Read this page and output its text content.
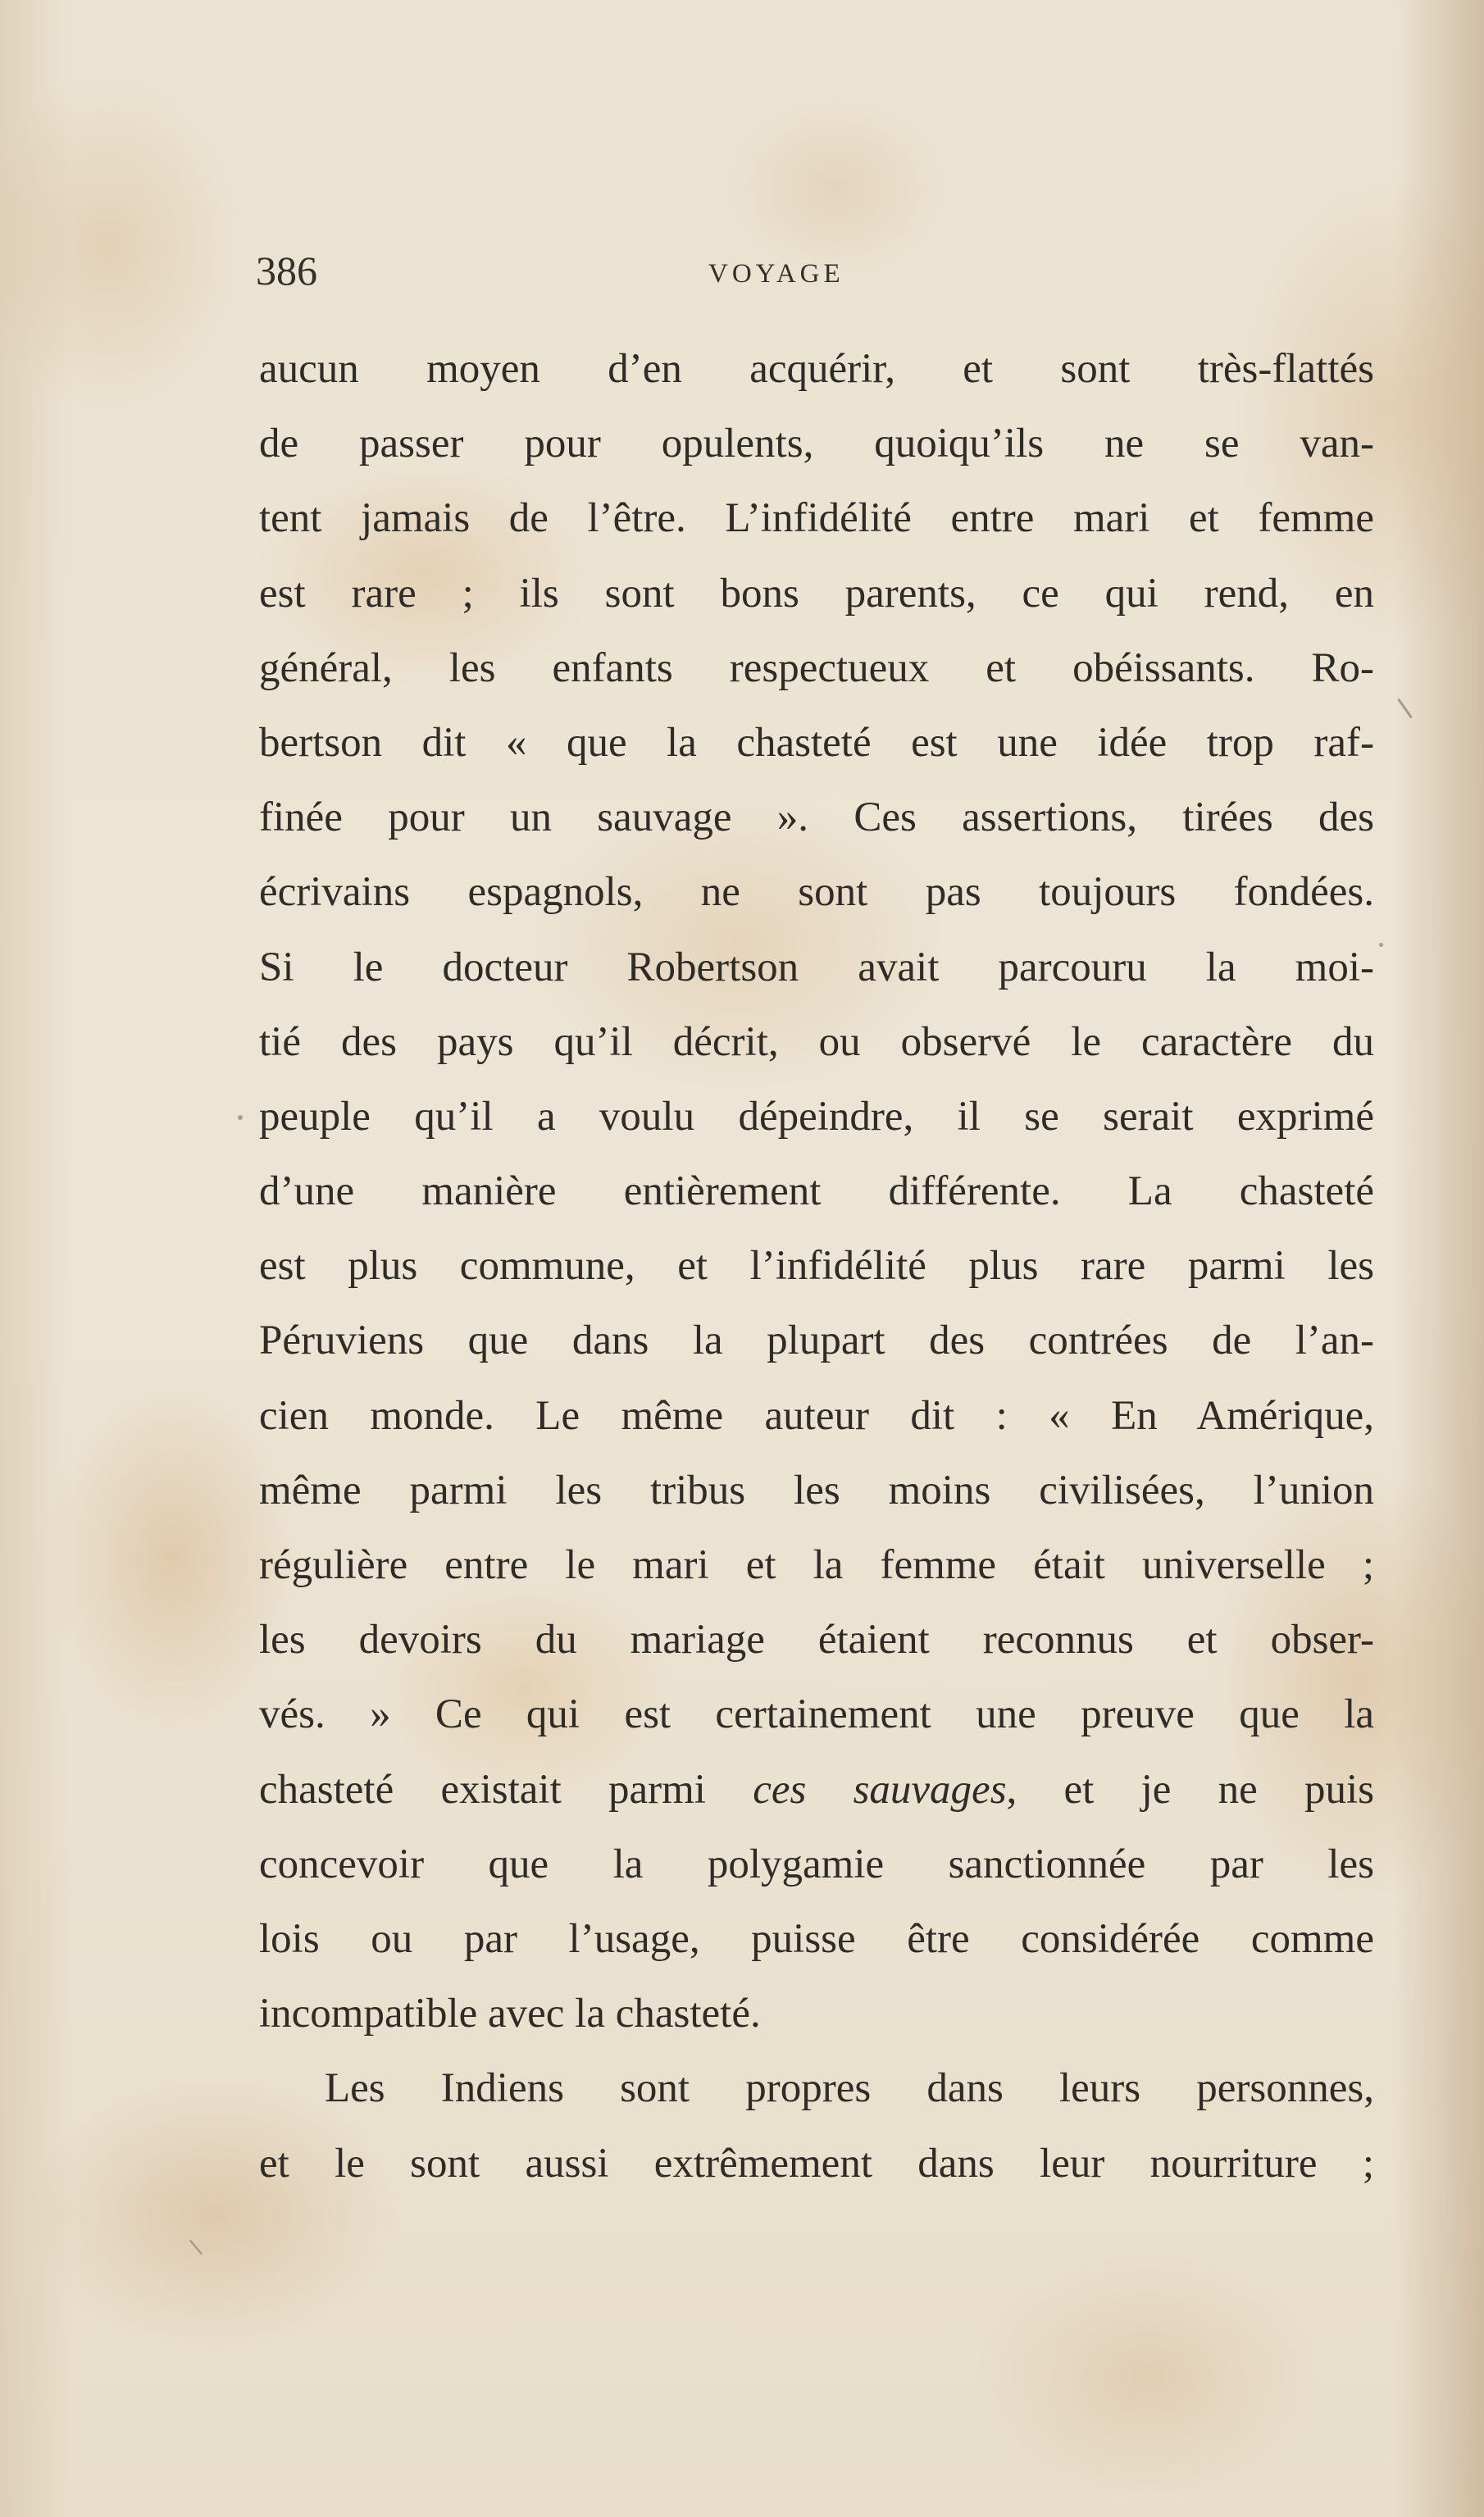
386	VOYAGE
aucun moyen d’en acquérir, et sont très-flattés
de passer pour opulents, quoiqu’ils ne se van-
tent jamais de l’être. L’infidélité entre mari et femme
est rare ; ils sont bons parents, ce qui rend, en
général, les enfants respectueux et obéissants. Ro-
bertson dit « que la chasteté est une idée trop raf-
finée pour un sauvage ». Ces assertions, tirées des
écrivains espagnols, ne sont pas toujours fondées.
Si le docteur Robertson avait parcouru la moi-
tié des pays qu’il décrit, ou observé le caractère du
peuple qu’il a voulu dépeindre, il se serait exprimé
d’une manière entièrement différente. La chasteté
est plus commune, et l’infidélité plus rare parmi les
Péruviens que dans la plupart des contrées de l’an-
cien monde. Le même auteur dit : « En Amérique,
même parmi les tribus les moins civilisées, l’union
régulière entre le mari et la femme était universelle ;
les devoirs du mariage étaient reconnus et obser-
vés. » Ce qui est certainement une preuve que la
chasteté existait parmi ces sauvages, et je ne puis
concevoir que la polygamie sanctionnée par les
lois ou par l’usage, puisse être considérée comme
incompatible avec la chasteté.
Les Indiens sont propres dans leurs personnes,
et le sont aussi extrêmement dans leur nourriture ;
